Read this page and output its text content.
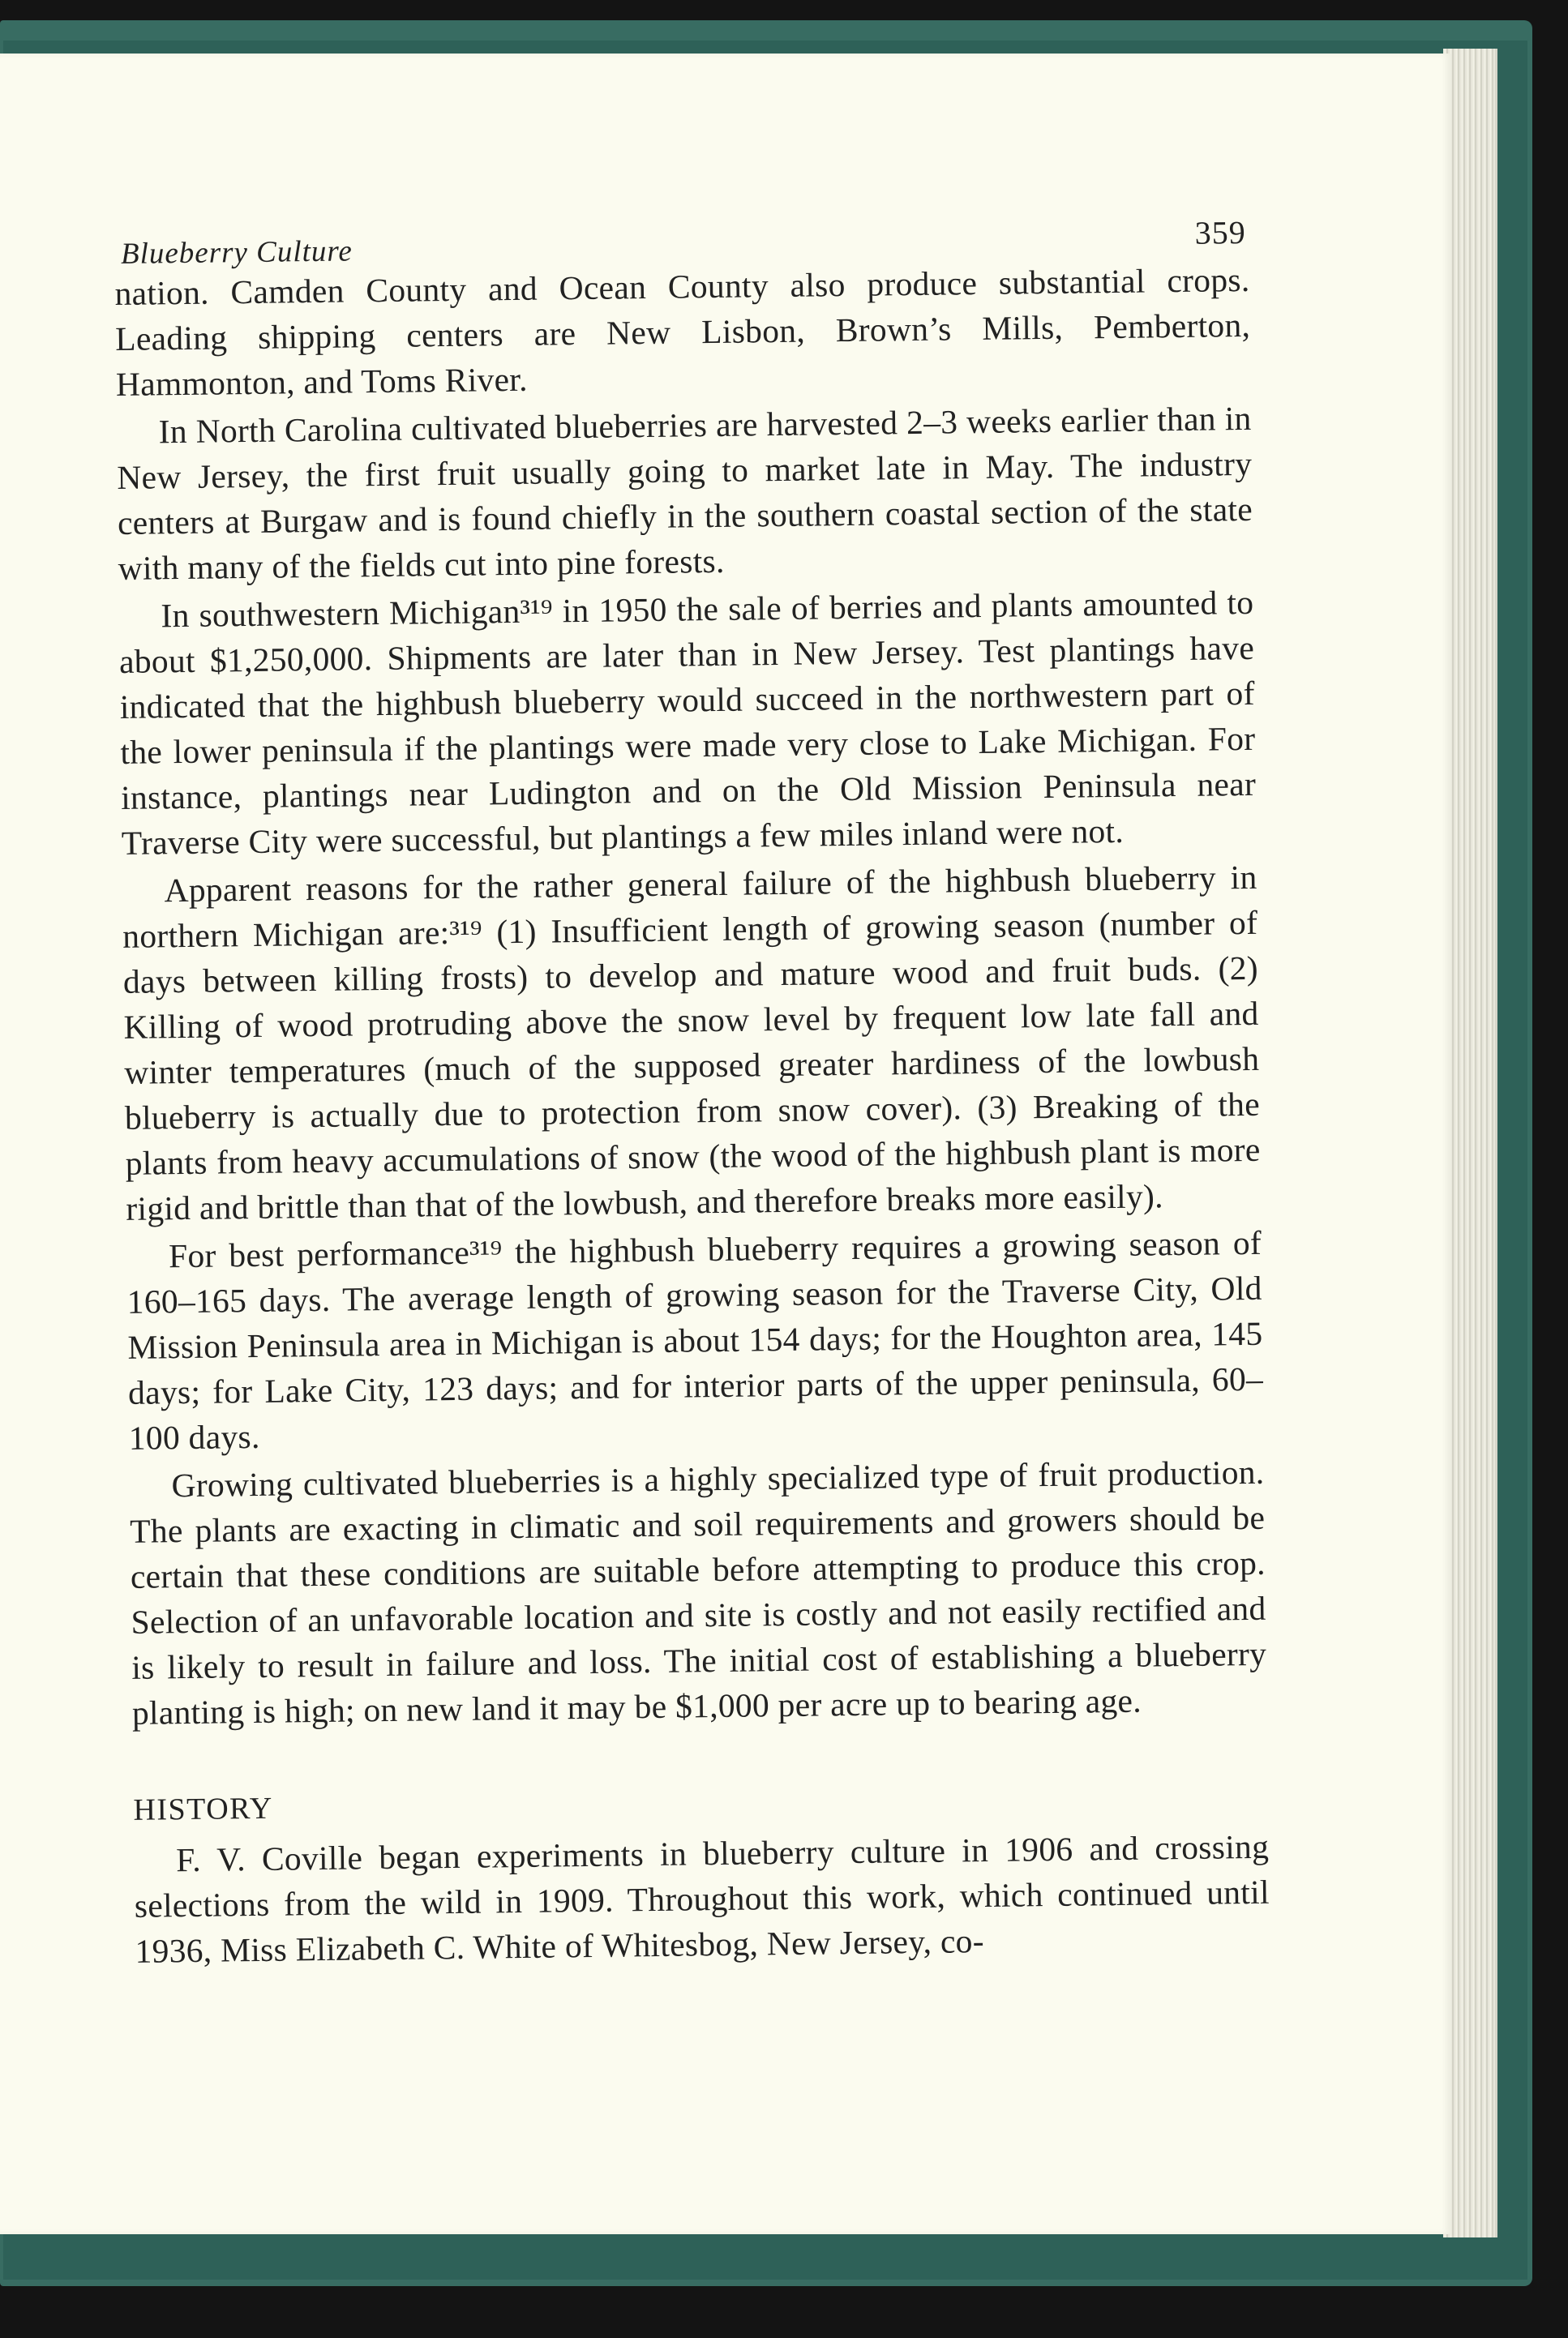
Blueberry Culture
359

nation. Camden County and Ocean County also produce substantial crops. Leading shipping centers are New Lisbon, Brown’s Mills, Pemberton, Hammonton, and Toms River.

In North Carolina cultivated blueberries are harvested 2–3 weeks earlier than in New Jersey, the first fruit usually going to market late in May. The industry centers at Burgaw and is found chiefly in the southern coastal section of the state with many of the fields cut into pine forests.

In southwestern Michigan³¹⁹ in 1950 the sale of berries and plants amounted to about $1,250,000. Shipments are later than in New Jersey. Test plantings have indicated that the highbush blueberry would succeed in the northwestern part of the lower peninsula if the plantings were made very close to Lake Michigan. For instance, plantings near Ludington and on the Old Mission Peninsula near Traverse City were successful, but plantings a few miles inland were not.

Apparent reasons for the rather general failure of the highbush blueberry in northern Michigan are:³¹⁹ (1) Insufficient length of growing season (number of days between killing frosts) to develop and mature wood and fruit buds. (2) Killing of wood protruding above the snow level by frequent low late fall and winter temperatures (much of the supposed greater hardiness of the lowbush blueberry is actually due to protection from snow cover). (3) Breaking of the plants from heavy accumulations of snow (the wood of the highbush plant is more rigid and brittle than that of the lowbush, and therefore breaks more easily).

For best performance³¹⁹ the highbush blueberry requires a growing season of 160–165 days. The average length of growing season for the Traverse City, Old Mission Peninsula area in Michigan is about 154 days; for the Houghton area, 145 days; for Lake City, 123 days; and for interior parts of the upper peninsula, 60–100 days.

Growing cultivated blueberries is a highly specialized type of fruit production. The plants are exacting in climatic and soil requirements and growers should be certain that these conditions are suitable before attempting to produce this crop. Selection of an unfavorable location and site is costly and not easily rectified and is likely to result in failure and loss. The initial cost of establishing a blueberry planting is high; on new land it may be $1,000 per acre up to bearing age.

HISTORY

F. V. Coville began experiments in blueberry culture in 1906 and crossing selections from the wild in 1909. Throughout this work, which continued until 1936, Miss Elizabeth C. White of Whitesbog, New Jersey, co-
